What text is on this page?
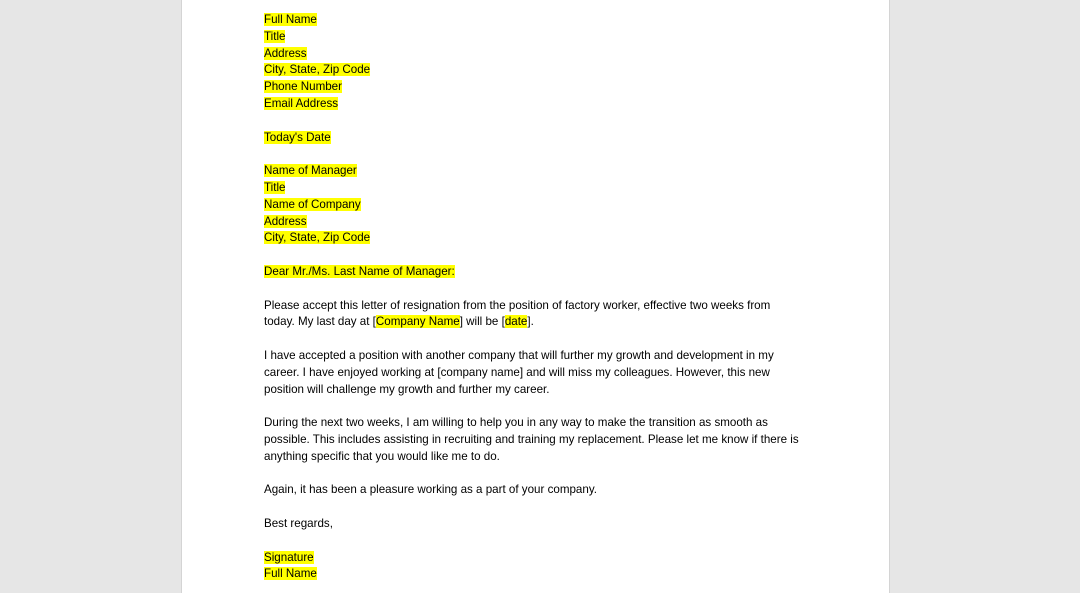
Full Name
Title
Address
City, State, Zip Code
Phone Number
Email Address
Today's Date
Name of Manager
Title
Name of Company
Address
City, State, Zip Code
Dear Mr./Ms. Last Name of Manager:
Please accept this letter of resignation from the position of factory worker, effective two weeks from
today. My last day at [Company Name] will be [date].
I have accepted a position with another company that will further my growth and development in my
career. I have enjoyed working at [company name] and will miss my colleagues. However, this new
position will challenge my growth and further my career.
During the next two weeks, I am willing to help you in any way to make the transition as smooth as
possible. This includes assisting in recruiting and training my replacement. Please let me know if there is
anything specific that you would like me to do.
Again, it has been a pleasure working as a part of your company.
Best regards,
Signature
Full Name
